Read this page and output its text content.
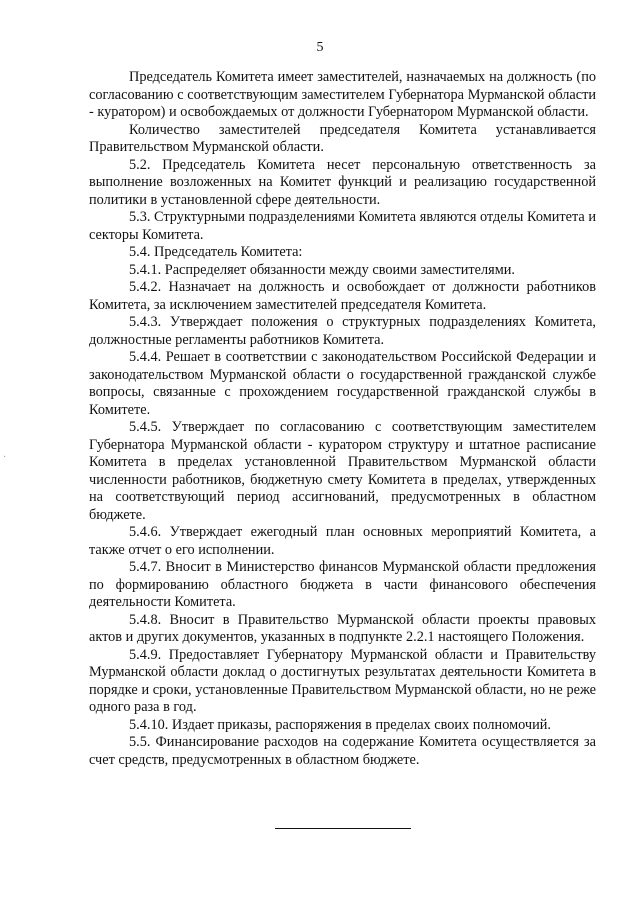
5
·

Председатель Комитета имеет заместителей, назначаемых на должность (по согласованию с соответствующим заместителем Губернатора Мурманской области - куратором) и освобождаемых от должности Губернатором Мурманской области.

Количество заместителей председателя Комитета устанавливается Правительством Мурманской области.

5.2. Председатель Комитета несет персональную ответственность за выполнение возложенных на Комитет функций и реализацию государственной политики в установленной сфере деятельности.

5.3. Структурными подразделениями Комитета являются отделы Комитета и секторы Комитета.

5.4. Председатель Комитета:

5.4.1. Распределяет обязанности между своими заместителями.

5.4.2. Назначает на должность и освобождает от должности работников Комитета, за исключением заместителей председателя Комитета.

5.4.3. Утверждает положения о структурных подразделениях Комитета, должностные регламенты работников Комитета.

5.4.4. Решает в соответствии с законодательством Российской Федерации и законодательством Мурманской области о государственной гражданской службе вопросы, связанные с прохождением государственной гражданской службы в Комитете.

5.4.5. Утверждает по согласованию с соответствующим заместителем Губернатора Мурманской области - куратором структуру и штатное расписание Комитета в пределах установленной Правительством Мурманской области численности работников, бюджетную смету Комитета в пределах, утвержденных на соответствующий период ассигнований, предусмотренных в областном бюджете.

5.4.6. Утверждает ежегодный план основных мероприятий Комитета, а также отчет о его исполнении.

5.4.7. Вносит в Министерство финансов Мурманской области предложения по формированию областного бюджета в части финансового обеспечения деятельности Комитета.

5.4.8. Вносит в Правительство Мурманской области проекты правовых актов и других документов, указанных в подпункте 2.2.1 настоящего Положения.

5.4.9. Предоставляет Губернатору Мурманской области и Правительству Мурманской области доклад о достигнутых результатах деятельности Комитета в порядке и сроки, установленные Правительством Мурманской области, но не реже одного раза в год.

5.4.10. Издает приказы, распоряжения в пределах своих полномочий.

5.5. Финансирование расходов на содержание Комитета осуществляется за счет средств, предусмотренных в областном бюджете.
